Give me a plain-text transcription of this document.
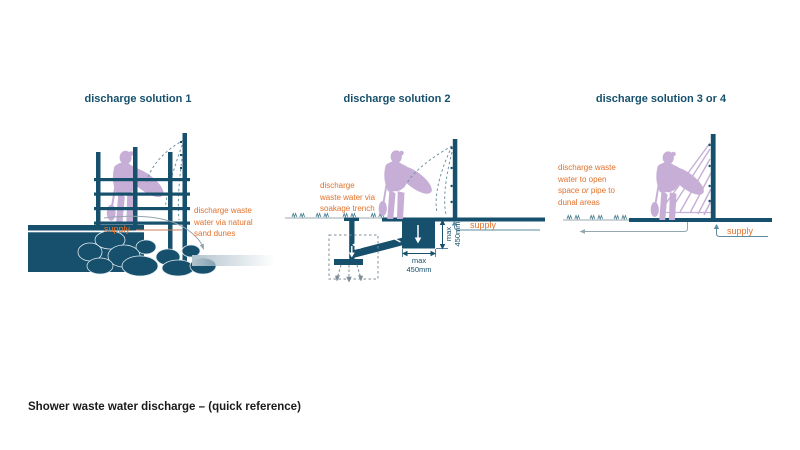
discharge solution 1	discharge solution 2	discharge solution 3 or 4
discharge waste
water via natural
sand dunes
supply
discharge
waste water via
soakage trench
max 450mm
max
450mm
supply
discharge waste
water to open
space or pipe to
dunal areas
supply
Shower waste water discharge – (quick reference)
